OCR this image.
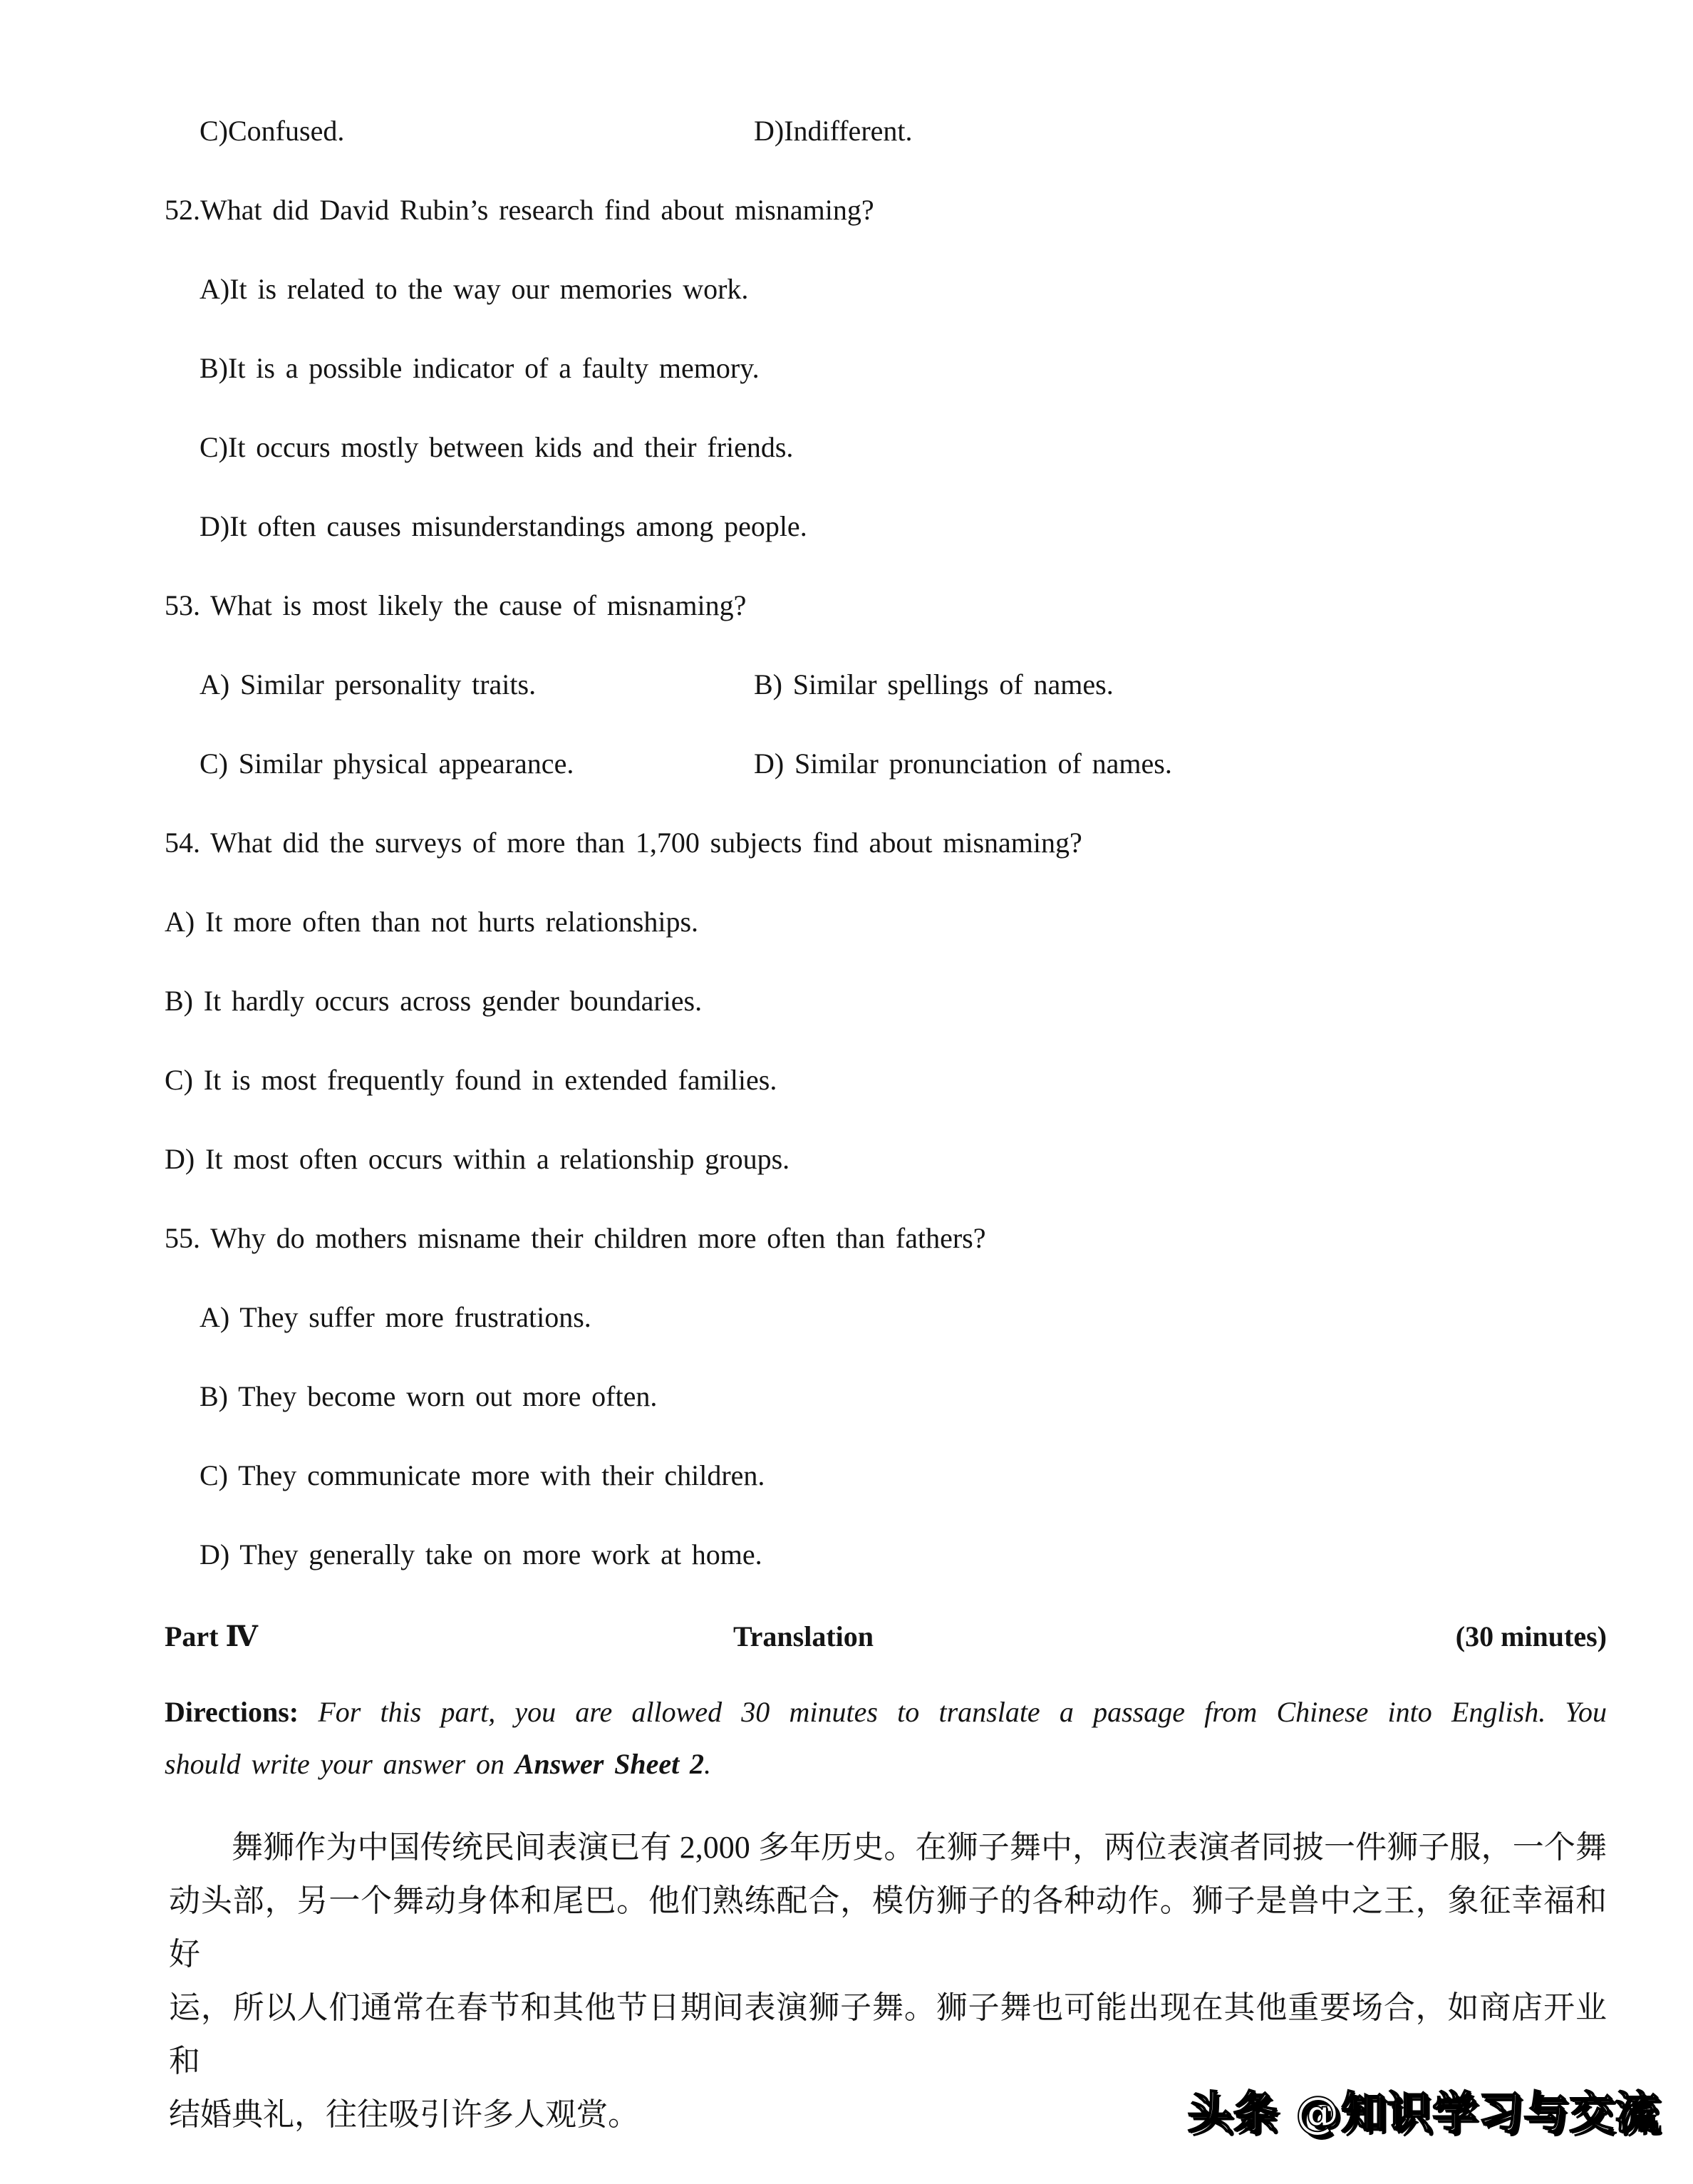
C)Confused.	D)Indifferent.
52.What did David Rubin’s research find about misnaming?
A)It is related to the way our memories work.
B)It is a possible indicator of a faulty memory.
C)It occurs mostly between kids and their friends.
D)It often causes misunderstandings among people.
53. What is most likely the cause of misnaming?
A) Similar personality traits.	B) Similar spellings of names.
C) Similar physical appearance.	D) Similar pronunciation of names.
54. What did the surveys of more than 1,700 subjects find about misnaming?
A) It more often than not hurts relationships.
B) It hardly occurs across gender boundaries.
C) It is most frequently found in extended families.
D) It most often occurs within a relationship groups.
55. Why do mothers misname their children more often than fathers?
A) They suffer more frustrations.
B) They become worn out more often.
C) They communicate more with their children.
D) They generally take on more work at home.
Part Ⅳ	Translation	(30 minutes)
Directions: For this part, you are allowed 30 minutes to translate a passage from Chinese into English. You
should write your answer on Answer Sheet 2.
舞狮作为中国传统民间表演已有 2,000 多年历史。在狮子舞中，两位表演者同披一件狮子服，一个舞
动头部，另一个舞动身体和尾巴。他们熟练配合，模仿狮子的各种动作。狮子是兽中之王，象征幸福和好
运，所以人们通常在春节和其他节日期间表演狮子舞。狮子舞也可能出现在其他重要场合，如商店开业和
结婚典礼，往往吸引许多人观赏。	头条 @知识学习与交流
